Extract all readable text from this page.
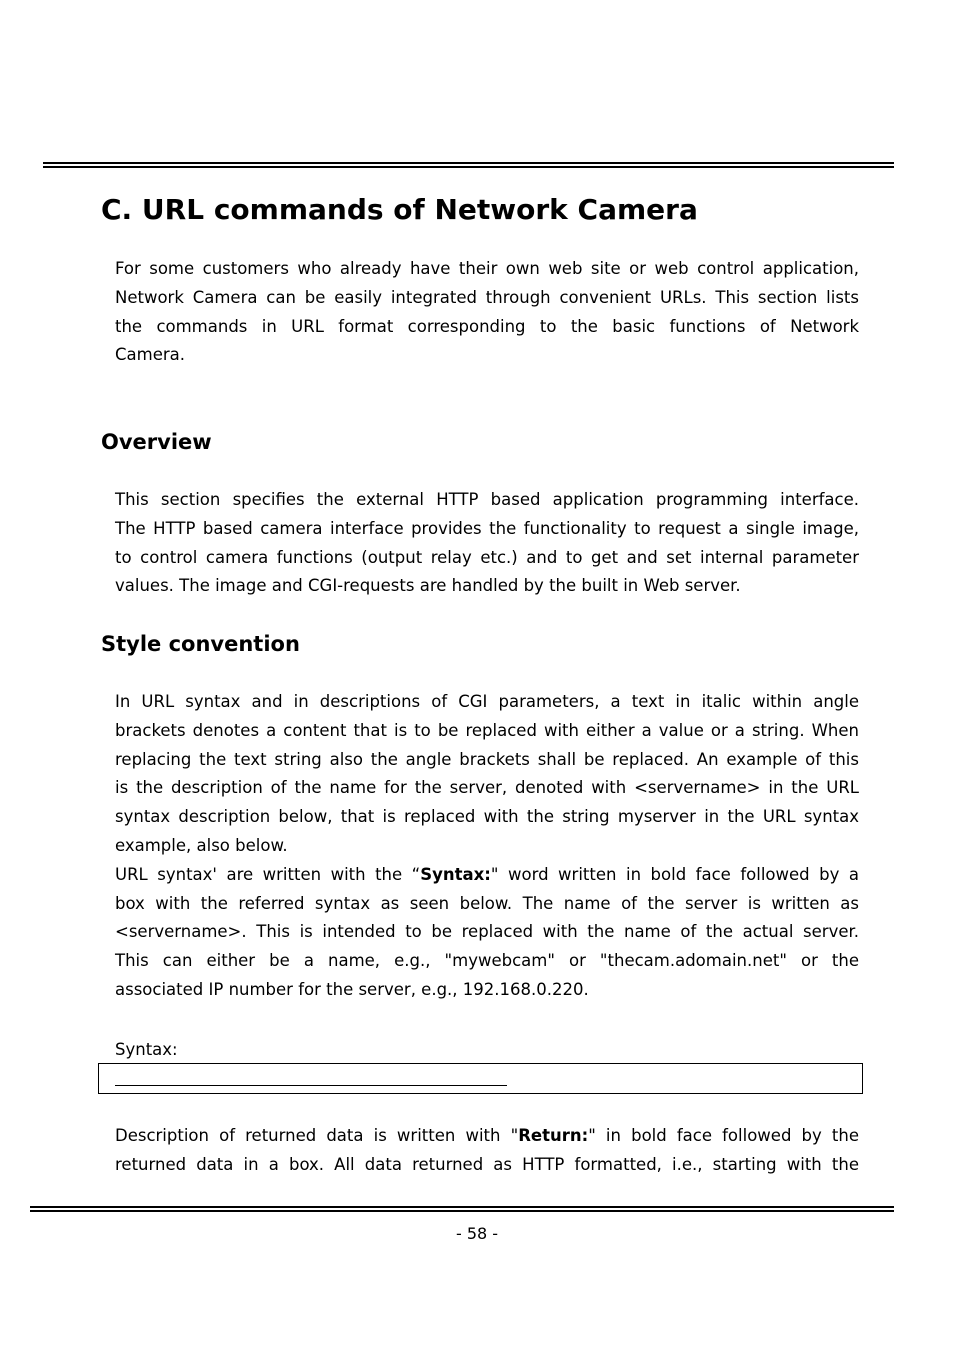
C. URL commands of Network Camera
For some customers who already have their own web site or web control application,
Network Camera can be easily integrated through convenient URLs. This section lists
the commands in URL format corresponding to the basic functions of Network
Camera.
Overview
This section specifies the external HTTP based application programming interface.
The HTTP based camera interface provides the functionality to request a single image,
to control camera functions (output relay etc.) and to get and set internal parameter
values. The image and CGI-requests are handled by the built in Web server.
Style convention
In URL syntax and in descriptions of CGI parameters, a text in italic within angle
brackets denotes a content that is to be replaced with either a value or a string. When
replacing the text string also the angle brackets shall be replaced. An example of this
is the description of the name for the server, denoted with <servername> in the URL
syntax description below, that is replaced with the string myserver in the URL syntax
example, also below.
URL syntax' are written with the “Syntax:" word written in bold face followed by a
box with the referred syntax as seen below. The name of the server is written as
<servername>. This is intended to be replaced with the name of the actual server.
This can either be a name, e.g., "mywebcam" or "thecam.adomain.net" or the
associated IP number for the server, e.g., 192.168.0.220.

Syntax:

Description of returned data is written with "Return:" in bold face followed by the
returned data in a box. All data returned as HTTP formatted, i.e., starting with the

- 58 -
